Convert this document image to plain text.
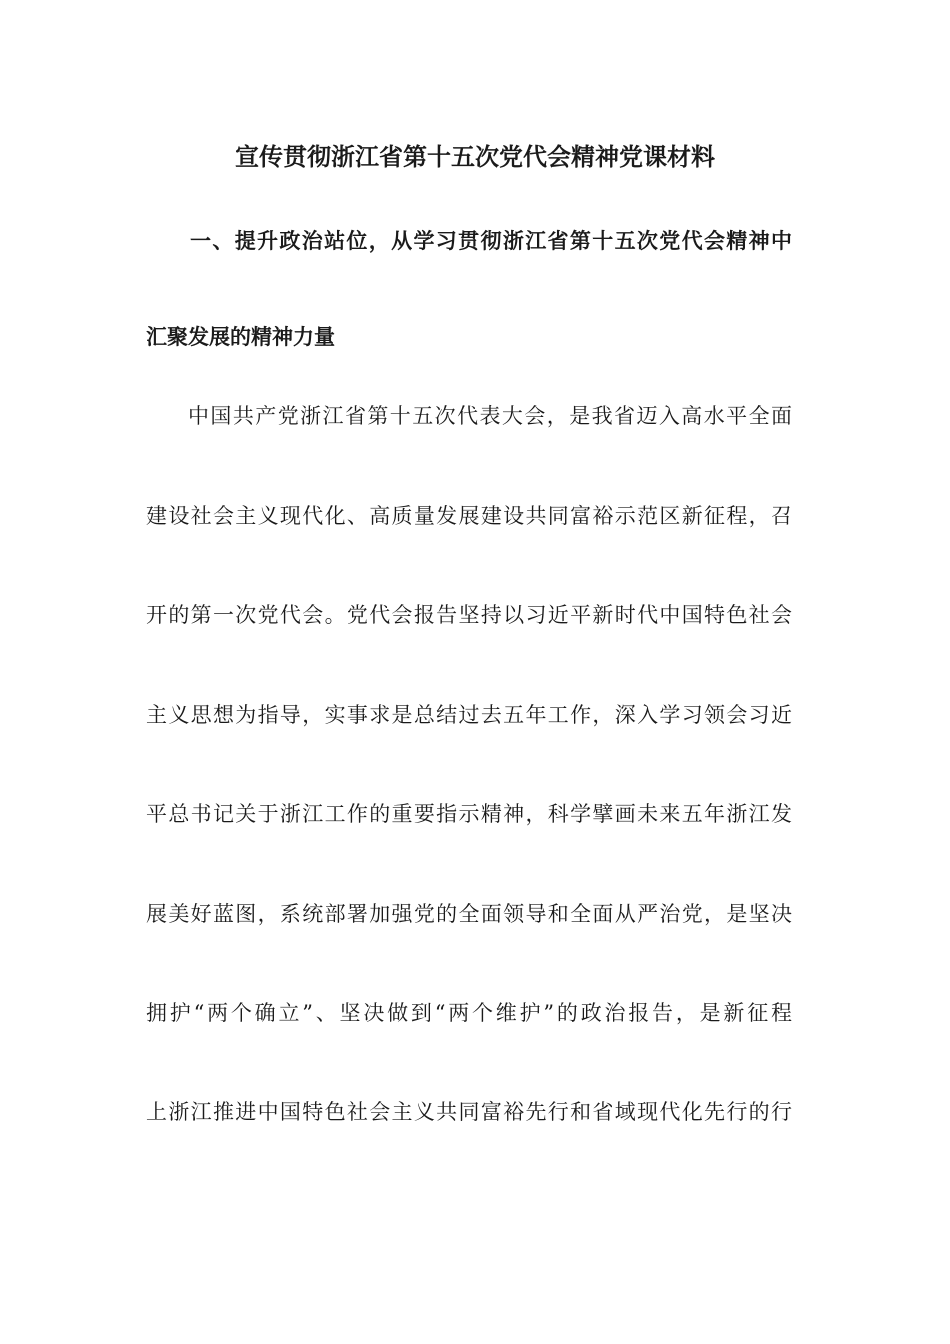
宣传贯彻浙江省第十五次党代会精神党课材料
一、提升政治站位，从学习贯彻浙江省第十五次党代会精神中
汇聚发展的精神力量
中国共产党浙江省第十五次代表大会，是我省迈入高水平全面
建设社会主义现代化、高质量发展建设共同富裕示范区新征程，召
开的第一次党代会。党代会报告坚持以习近平新时代中国特色社会
主义思想为指导，实事求是总结过去五年工作，深入学习领会习近
平总书记关于浙江工作的重要指示精神，科学擘画未来五年浙江发
展美好蓝图，系统部署加强党的全面领导和全面从严治党，是坚决
拥护“两个确立”、坚决做到“两个维护”的政治报告，是新征程
上浙江推进中国特色社会主义共同富裕先行和省域现代化先行的行
